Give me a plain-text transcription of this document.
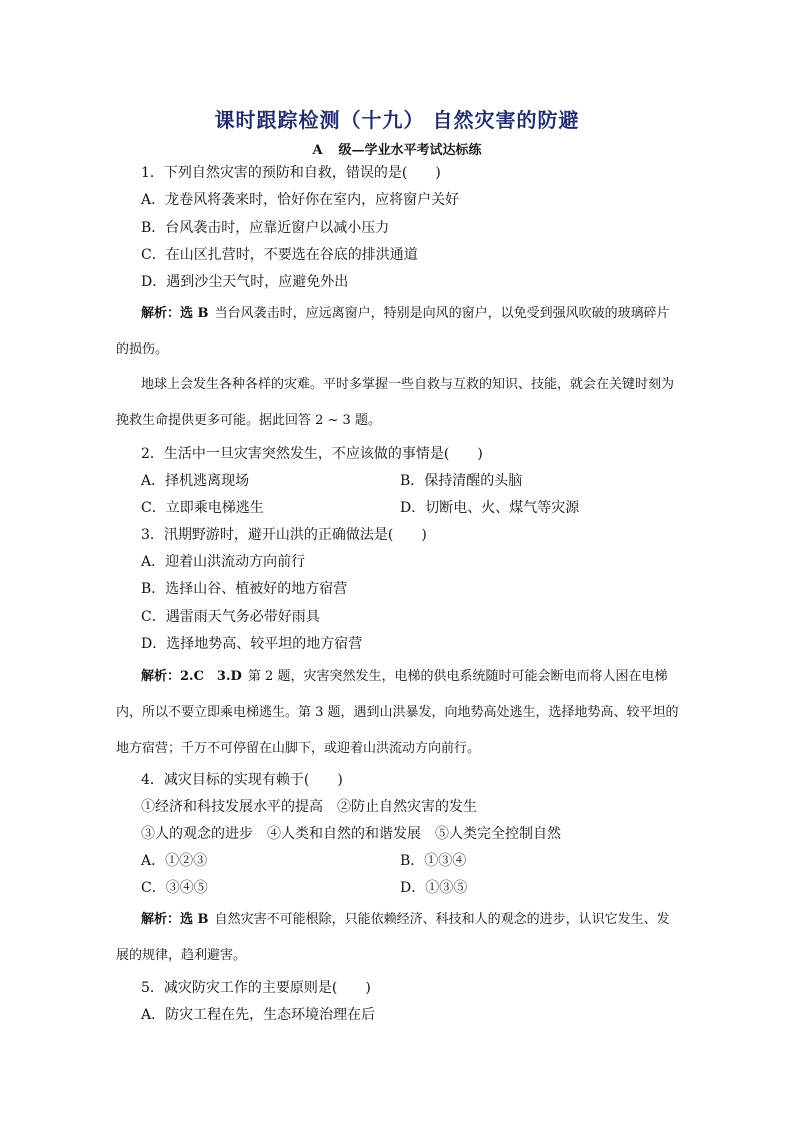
课时跟踪检测（十九） 自然灾害的防避
A 级—学业水平考试达标练
1．下列自然灾害的预防和自救，错误的是(　　)
A．龙卷风将袭来时，恰好你在室内，应将窗户关好
B．台风袭击时，应靠近窗户以减小压力
C．在山区扎营时，不要选在谷底的排洪通道
D．遇到沙尘天气时，应避免外出
解析：选 B 当台风袭击时，应远离窗户，特别是向风的窗户，以免受到强风吹破的玻璃碎片的损伤。
地球上会发生各种各样的灾难。平时多掌握一些自救与互救的知识、技能，就会在关键时刻为挽救生命提供更多可能。据此回答 2 ~ 3 题。
2．生活中一旦灾害突然发生，不应该做的事情是(　　)
A．择机逃离现场	B．保持清醒的头脑
C．立即乘电梯逃生	D．切断电、火、煤气等灾源
3．汛期野游时，避开山洪的正确做法是(　　)
A．迎着山洪流动方向前行
B．选择山谷、植被好的地方宿营
C．遇雷雨天气务必带好雨具
D．选择地势高、较平坦的地方宿营
解析：2.C　3.D 第 2 题，灾害突然发生，电梯的供电系统随时可能会断电而将人困在电梯内，所以不要立即乘电梯逃生。第 3 题，遇到山洪暴发，向地势高处逃生，选择地势高、较平坦的地方宿营；千万不可停留在山脚下，或迎着山洪流动方向前行。
4．减灾目标的实现有赖于(　　)
①经济和科技发展水平的提高　②防止自然灾害的发生
③人的观念的进步　④人类和自然的和谐发展　⑤人类完全控制自然
A．①②③	B．①③④
C．③④⑤	D．①③⑤
解析：选 B 自然灾害不可能根除，只能依赖经济、科技和人的观念的进步，认识它发生、发展的规律，趋利避害。
5．减灾防灾工作的主要原则是(　　)
A．防灾工程在先，生态环境治理在后
